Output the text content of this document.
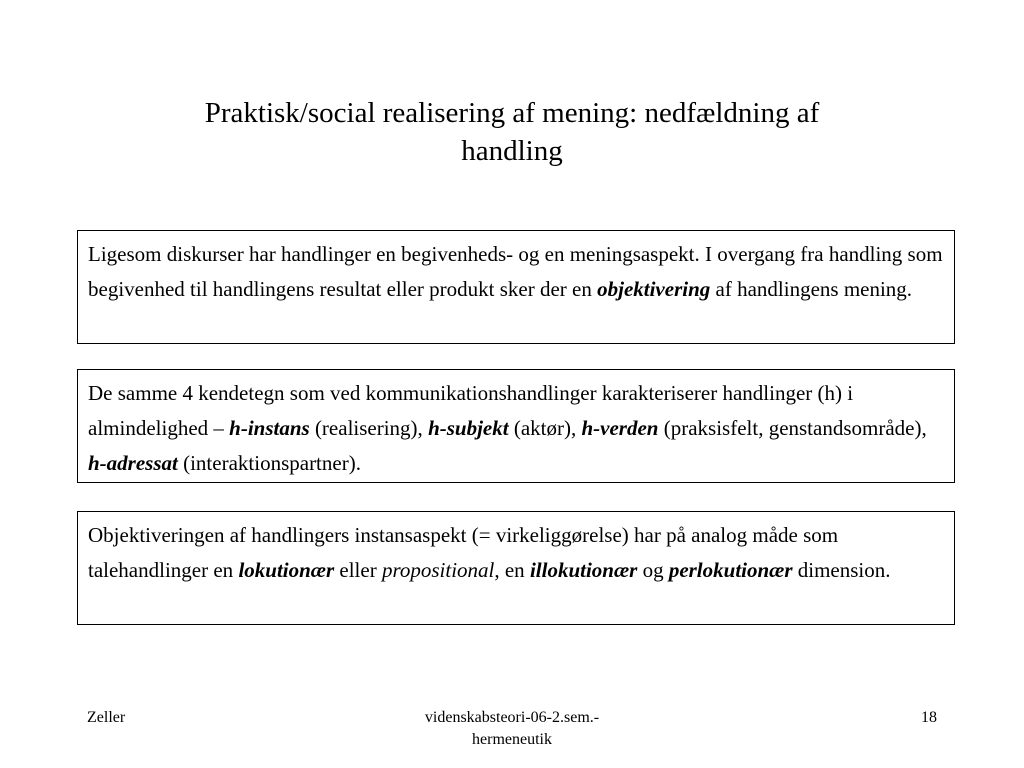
Praktisk/social realisering af mening: nedfældning af
handling
Ligesom diskurser har handlinger en begivenheds- og en meningsaspekt. I overgang fra handling som begivenhed til handlingens resultat eller produkt sker der en objektivering af handlingens mening.
De samme 4 kendetegn som ved kommunikationshandlinger karakteriserer handlinger (h) i almindelighed – h-instans (realisering), h-subjekt (aktør), h-verden (praksisfelt, genstandsområde), h-adressat (interaktionspartner).
Objektiveringen af handlingers instansaspekt (= virkeliggørelse) har på analog måde som talehandlinger en lokutionær eller propositional, en illokutionær og perlokutionær dimension.
Zeller	videnskabsteori-06-2.sem.-
hermeneutik
18
